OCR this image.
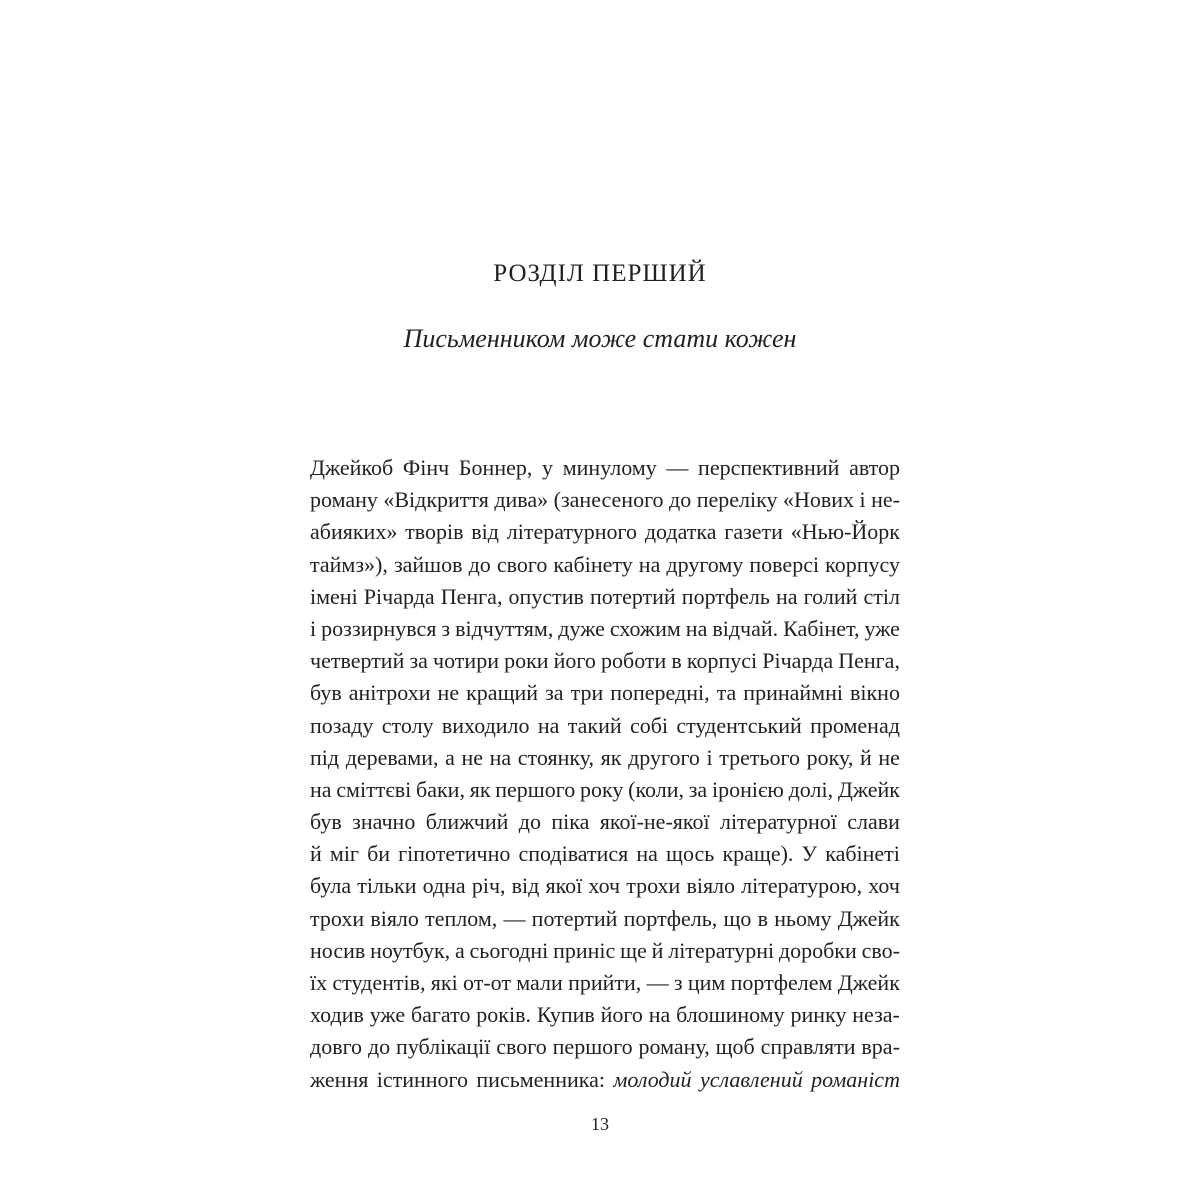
РОЗДІЛ ПЕРШИЙ
Письменником може стати кожен
Джейкоб Фінч Боннер, у минулому — перспективний автор
роману «Відкриття дива» (занесеного до переліку «Нових і не-
абияких» творів від літературного додатка газети «Нью-Йорк
таймз»), зайшов до свого кабінету на другому поверсі корпусу
імені Річарда Пенга, опустив потертий портфель на голий стіл
і роззирнувся з відчуттям, дуже схожим на відчай. Кабінет, уже
четвертий за чотири роки його роботи в корпусі Річарда Пенга,
був анітрохи не кращий за три попередні, та принаймні вікно
позаду столу виходило на такий собі студентський променад
під деревами, а не на стоянку, як другого і третього року, й не
на сміттєві баки, як першого року (коли, за іронією долі, Джейк
був значно ближчий до піка якої-не-якої літературної слави
й міг би гіпотетично сподіватися на щось краще). У кабінеті
була тільки одна річ, від якої хоч трохи віяло літературою, хоч
трохи віяло теплом, — потертий портфель, що в ньому Джейк
носив ноутбук, а сьогодні приніс ще й літературні доробки сво-
їх студентів, які от-от мали прийти, — з цим портфелем Джейк
ходив уже багато років. Купив його на блошиному ринку неза-
довго до публікації свого першого роману, щоб справляти вра-
ження істинного письменника: молодий уславлений романіст
13
